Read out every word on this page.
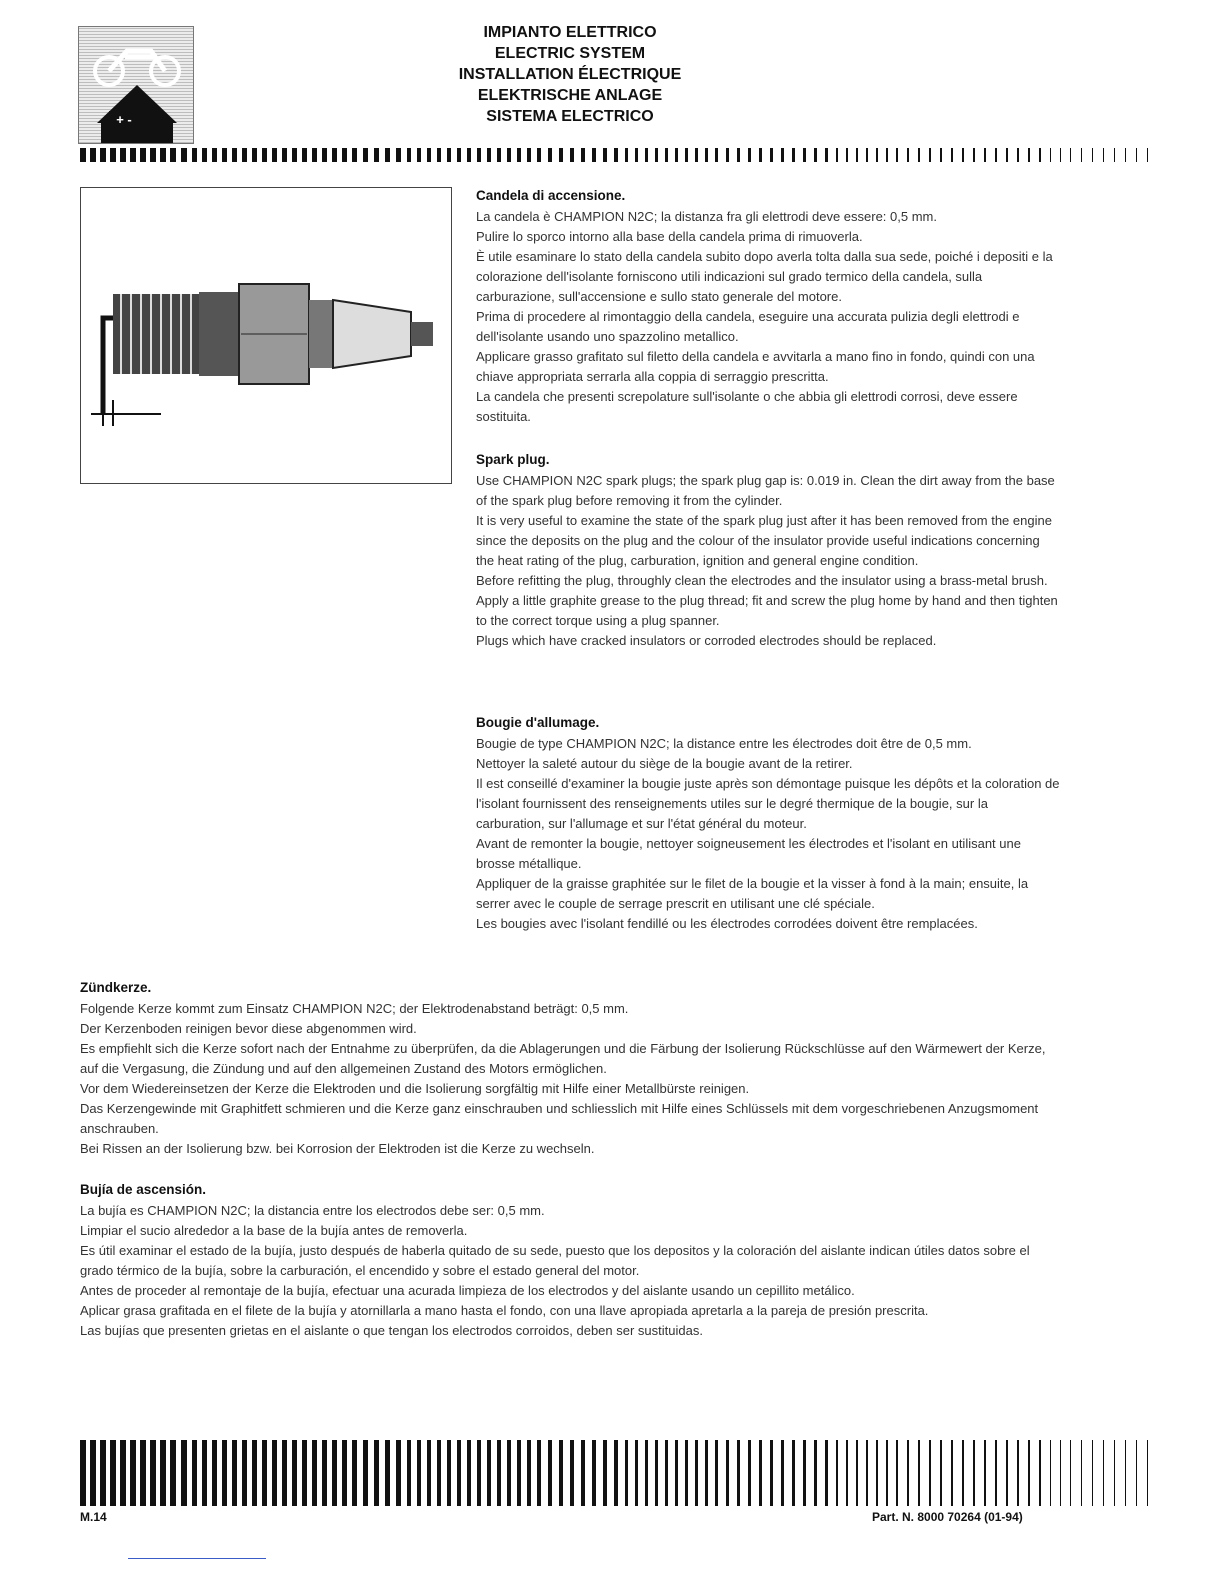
+ -
IMPIANTO ELETTRICO
ELECTRIC SYSTEM
INSTALLATION ÉLECTRIQUE
ELEKTRISCHE ANLAGE
SISTEMA ELECTRICO
Candela di accensione.

La candela è CHAMPION N2C; la distanza fra gli elettrodi deve essere: 0,5 mm.

Pulire lo sporco intorno alla base della candela prima di rimuoverla.

È utile esaminare lo stato della candela subito dopo averla tolta dalla sua sede, poiché i depositi e la colorazione dell'isolante forniscono utili indicazioni sul grado termico della candela, sulla carburazione, sull'accensione e sullo stato generale del motore.

Prima di procedere al rimontaggio della candela, eseguire una accurata pulizia degli elettrodi e dell'isolante usando uno spazzolino metallico.

Applicare grasso grafitato sul filetto della candela e avvitarla a mano fino in fondo, quindi con una chiave appropriata serrarla alla coppia di serraggio prescritta.

La candela che presenti screpolature sull'isolante o che abbia gli elettrodi corrosi, deve essere sostituita.

Spark plug.

Use CHAMPION N2C spark plugs; the spark plug gap is: 0.019 in. Clean the dirt away from the base of the spark plug before removing it from the cylinder.

It is very useful to examine the state of the spark plug just after it has been removed from the engine since the deposits on the plug and the colour of the insulator provide useful indications concerning the heat rating of the plug, carburation, ignition and general engine condition.

Before refitting the plug, throughly clean the electrodes and the insulator using a brass-metal brush.

Apply a little graphite grease to the plug thread; fit and screw the plug home by hand and then tighten to the correct torque using a plug spanner.

Plugs which have cracked insulators or corroded electrodes should be replaced.

Bougie d'allumage.

Bougie de type CHAMPION N2C; la distance entre les électrodes doit être de 0,5 mm.

Nettoyer la saleté autour du siège de la bougie avant de la retirer.

Il est conseillé d'examiner la bougie juste après son démontage puisque les dépôts et la coloration de l'isolant fournissent des renseignements utiles sur le degré thermique de la bougie, sur la carburation, sur l'allumage et sur l'état général du moteur.

Avant de remonter la bougie, nettoyer soigneusement les électrodes et l'isolant en utilisant une brosse métallique.

Appliquer de la graisse graphitée sur le filet de la bougie et la visser à fond à la main; ensuite, la serrer avec le couple de serrage prescrit en utilisant une clé spéciale.

Les bougies avec l'isolant fendillé ou les électrodes corrodées doivent être remplacées.

Zündkerze.

Folgende Kerze kommt zum Einsatz CHAMPION N2C; der Elektrodenabstand beträgt: 0,5 mm.

Der Kerzenboden reinigen bevor diese abgenommen wird.

Es empfiehlt sich die Kerze sofort nach der Entnahme zu überprüfen, da die Ablagerungen und die Färbung der Isolierung Rückschlüsse auf den Wärmewert der Kerze, auf die Vergasung, die Zündung und auf den allgemeinen Zustand des Motors ermöglichen.

Vor dem Wiedereinsetzen der Kerze die Elektroden und die Isolierung sorgfältig mit Hilfe einer Metallbürste reinigen.

Das Kerzengewinde mit Graphitfett schmieren und die Kerze ganz einschrauben und schliesslich mit Hilfe eines Schlüssels mit dem vorgeschriebenen Anzugsmoment anschrauben.

Bei Rissen an der Isolierung bzw. bei Korrosion der Elektroden ist die Kerze zu wechseln.

Bujía de ascensión.

La bujía es CHAMPION N2C; la distancia entre los electrodos debe ser: 0,5 mm.

Limpiar el sucio alrededor a la base de la bujía antes de removerla.

Es útil examinar el estado de la bujía, justo después de haberla quitado de su sede, puesto que los depositos y la coloración del aislante indican útiles datos sobre el grado térmico de la bujía, sobre la carburación, el encendido y sobre el estado general del motor.

Antes de proceder al remontaje de la bujía, efectuar una acurada limpieza de los electrodos y del aislante usando un cepillito metálico.

Aplicar grasa grafitada en el filete de la bujía y atornillarla a mano hasta el fondo, con una llave apropiada apretarla a la pareja de presión prescrita.

Las bujías que presenten grietas en el aislante o que tengan los electrodos corroidos, deben ser sustituidas.

M.14	Part. N. 8000 70264 (01-94)
